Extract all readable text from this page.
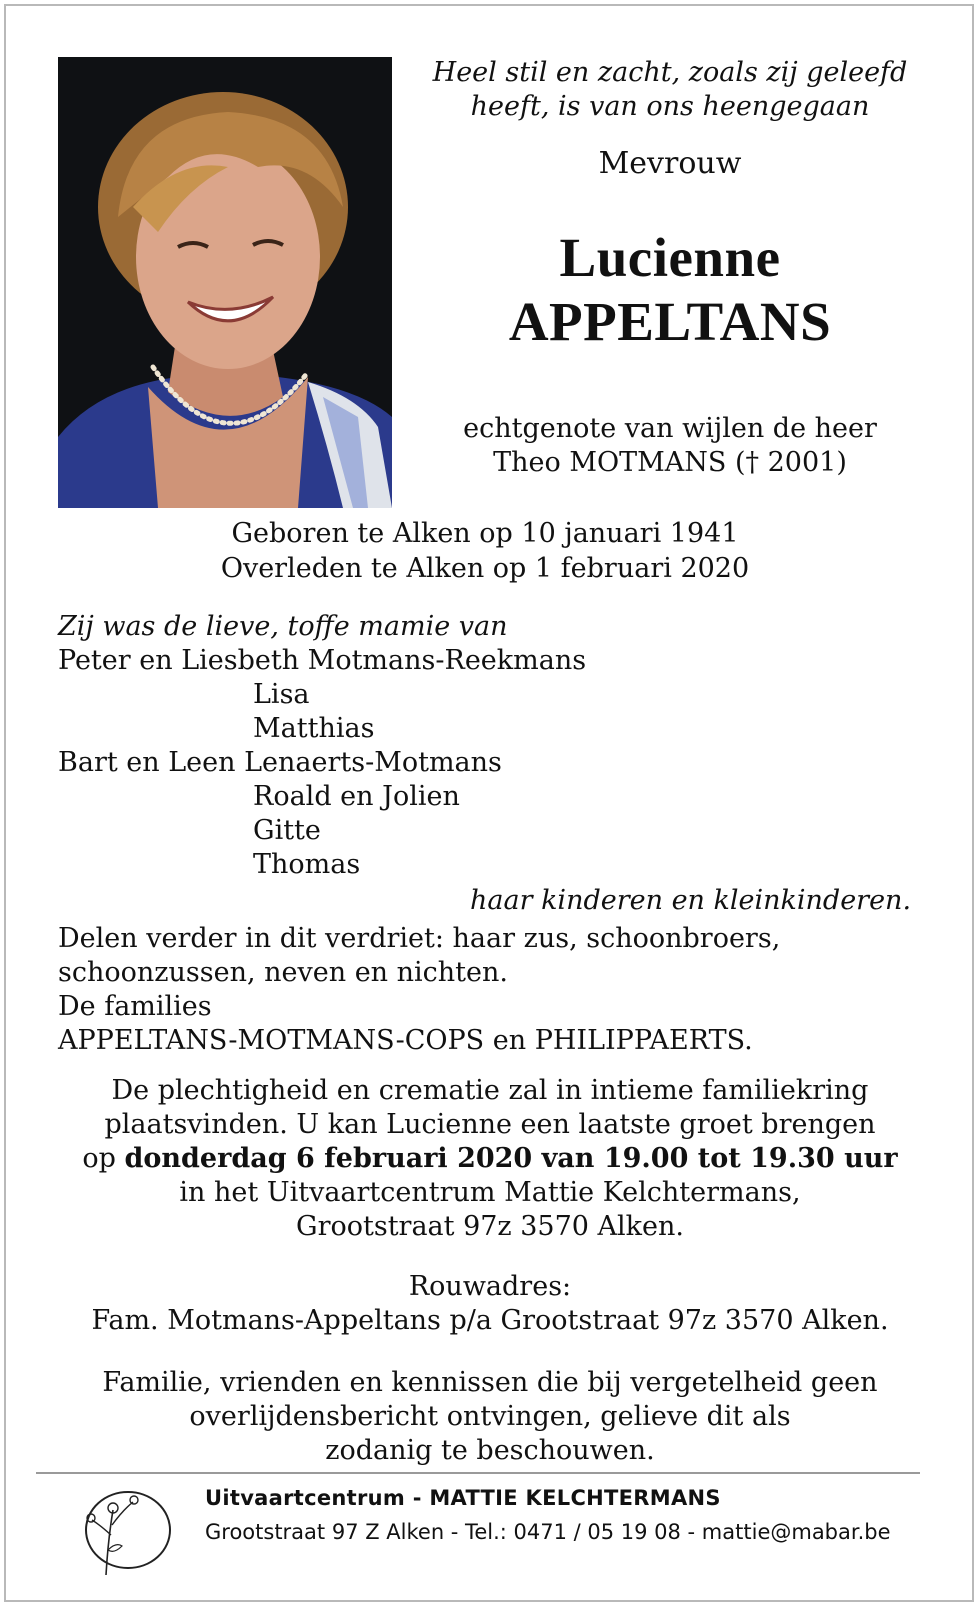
Heel stil en zacht, zoals zij geleefd
heeft, is van ons heengegaan
Mevrouw
Lucienne
APPELTANS
echtgenote van wijlen de heer
Theo MOTMANS († 2001)
Geboren te Alken op 10 januari 1941
Overleden te Alken op 1 februari 2020
Zij was de lieve, toffe mamie van
Peter en Liesbeth Motmans-Reekmans
Lisa
Matthias
Bart en Leen Lenaerts-Motmans
Roald en Jolien
Gitte
Thomas
haar kinderen en kleinkinderen.
Delen verder in dit verdriet: haar zus, schoonbroers,
schoonzussen, neven en nichten.
De families
APPELTANS-MOTMANS-COPS en PHILIPPAERTS.
De plechtigheid en crematie zal in intieme familiekring
plaatsvinden. U kan Lucienne een laatste groet brengen
op donderdag 6 februari 2020 van 19.00 tot 19.30 uur
in het Uitvaartcentrum Mattie Kelchtermans,
Grootstraat 97z 3570 Alken.
Rouwadres:
Fam. Motmans-Appeltans p/a Grootstraat 97z 3570 Alken.
Familie, vrienden en kennissen die bij vergetelheid geen
overlijdensbericht ontvingen, gelieve dit als
zodanig te beschouwen.
Uitvaartcentrum - MATTIE KELCHTERMANS
Grootstraat 97 Z Alken - Tel.: 0471 / 05 19 08 - mattie@mabar.be
